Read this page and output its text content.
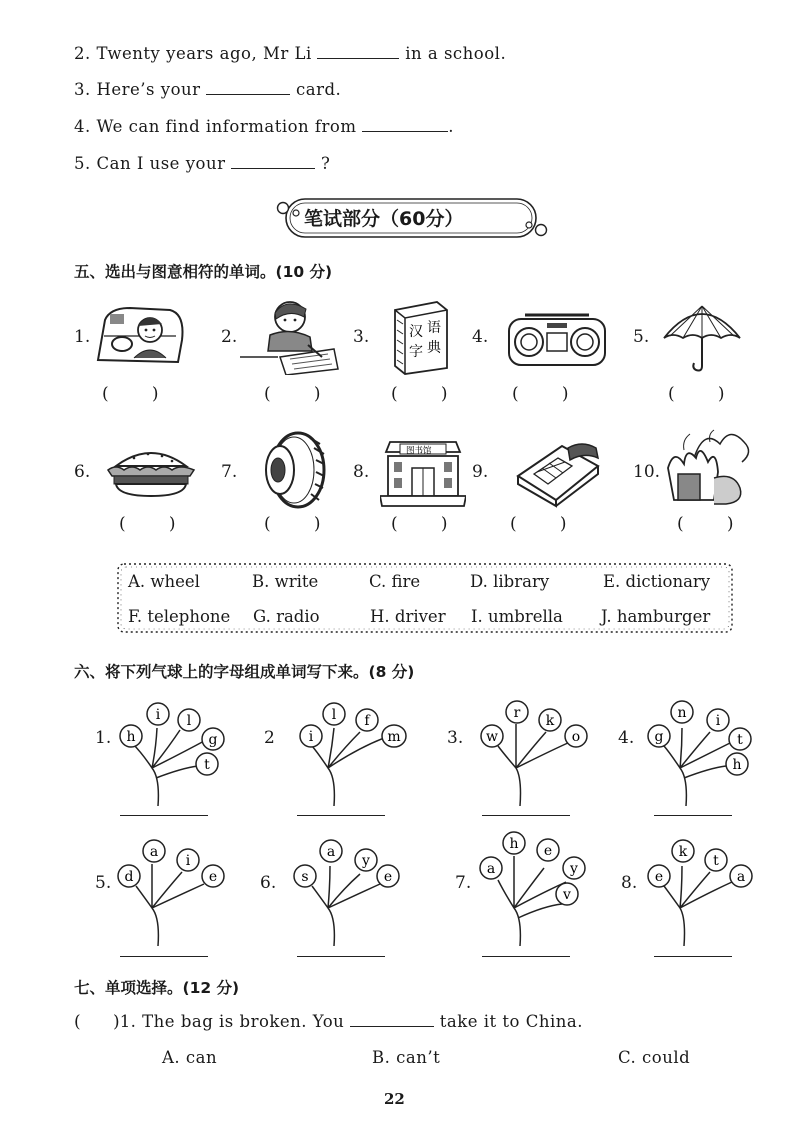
2. Twenty years ago, Mr Li	in a school.
3. Here’s your	card.
4. We can find information from	.
5. Can I use your	?
笔试部分（60分）
五、选出与图意相符的单词。(10 分)
1.	2.	3.	4.	5.
汉 语
字 典
(        )	(        )	(        )	(        )	(        )
6.	7.	8.	9.	10.
图书馆
(        )	(        )	(        )	(        )	(        )
A. wheel	B. write	C. fire	D. library	E. dictionary
F. telephone G. radio	H. driver I. umbrella J. hamburger
六、将下列气球上的字母组成单词写下来。(8 分)
1. h
i l
g
t
2 i
l f
m	3. w
r k
o 4. g
n i
t
h
5. d
a
i
e	6. s
a
y
e	7.
a
h e
y
v
8. e
k
t
a
七、单项选择。(12 分)
(      )1. The bag is broken. You	take it to China.
A. can	B. can’t	C. could
22
